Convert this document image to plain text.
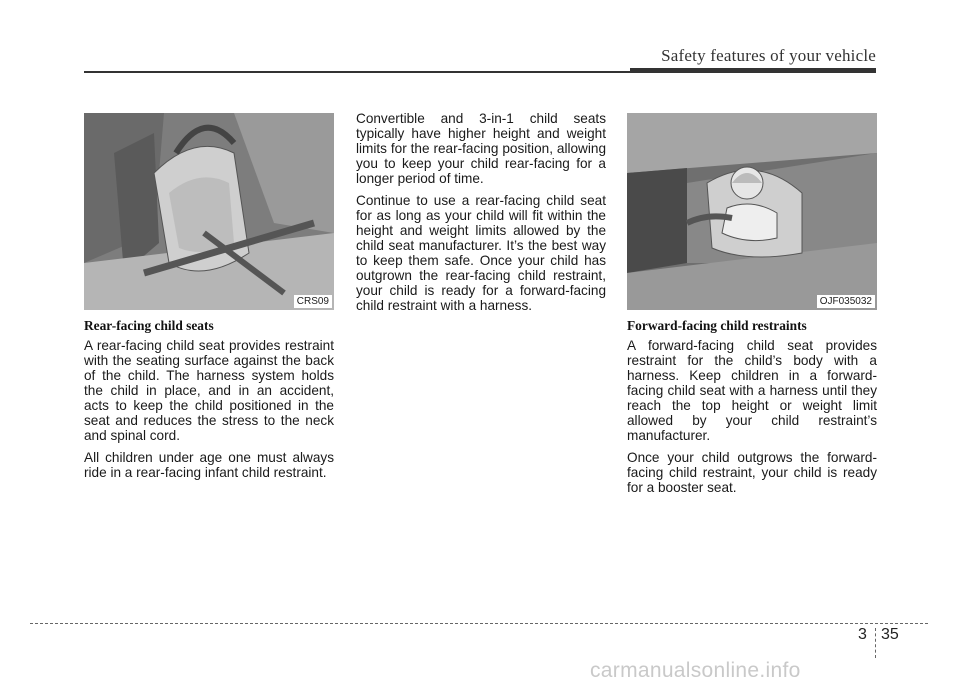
Safety features of your vehicle
CRS09
Rear-facing child seats

A rear-facing child seat provides restraint with the seating surface against the back of the child. The harness system holds the child in place, and in an accident, acts to keep the child positioned in the seat and reduces the stress to the neck and spinal cord.

All children under age one must always ride in a rear-facing infant child restraint.

Convertible and 3-in-1 child seats typically have higher height and weight limits for the rear-facing position, allowing you to keep your child rear-facing for a longer period of time.

Continue to use a rear-facing child seat for as long as your child will fit within the height and weight limits allowed by the child seat manufacturer. It’s the best way to keep them safe. Once your child has outgrown the rear-facing child restraint, your child is ready for a forward-facing child restraint with a harness.	OJF035032
Forward-facing child restraints

A forward-facing child seat provides restraint for the child’s body with a harness. Keep children in a forward-facing child seat with a harness until they reach the top height or weight limit allowed by your child restraint’s manufacturer.

Once your child outgrows the forward-facing child restraint, your child is ready for a booster seat.

3 35
carmanualsonline.info
